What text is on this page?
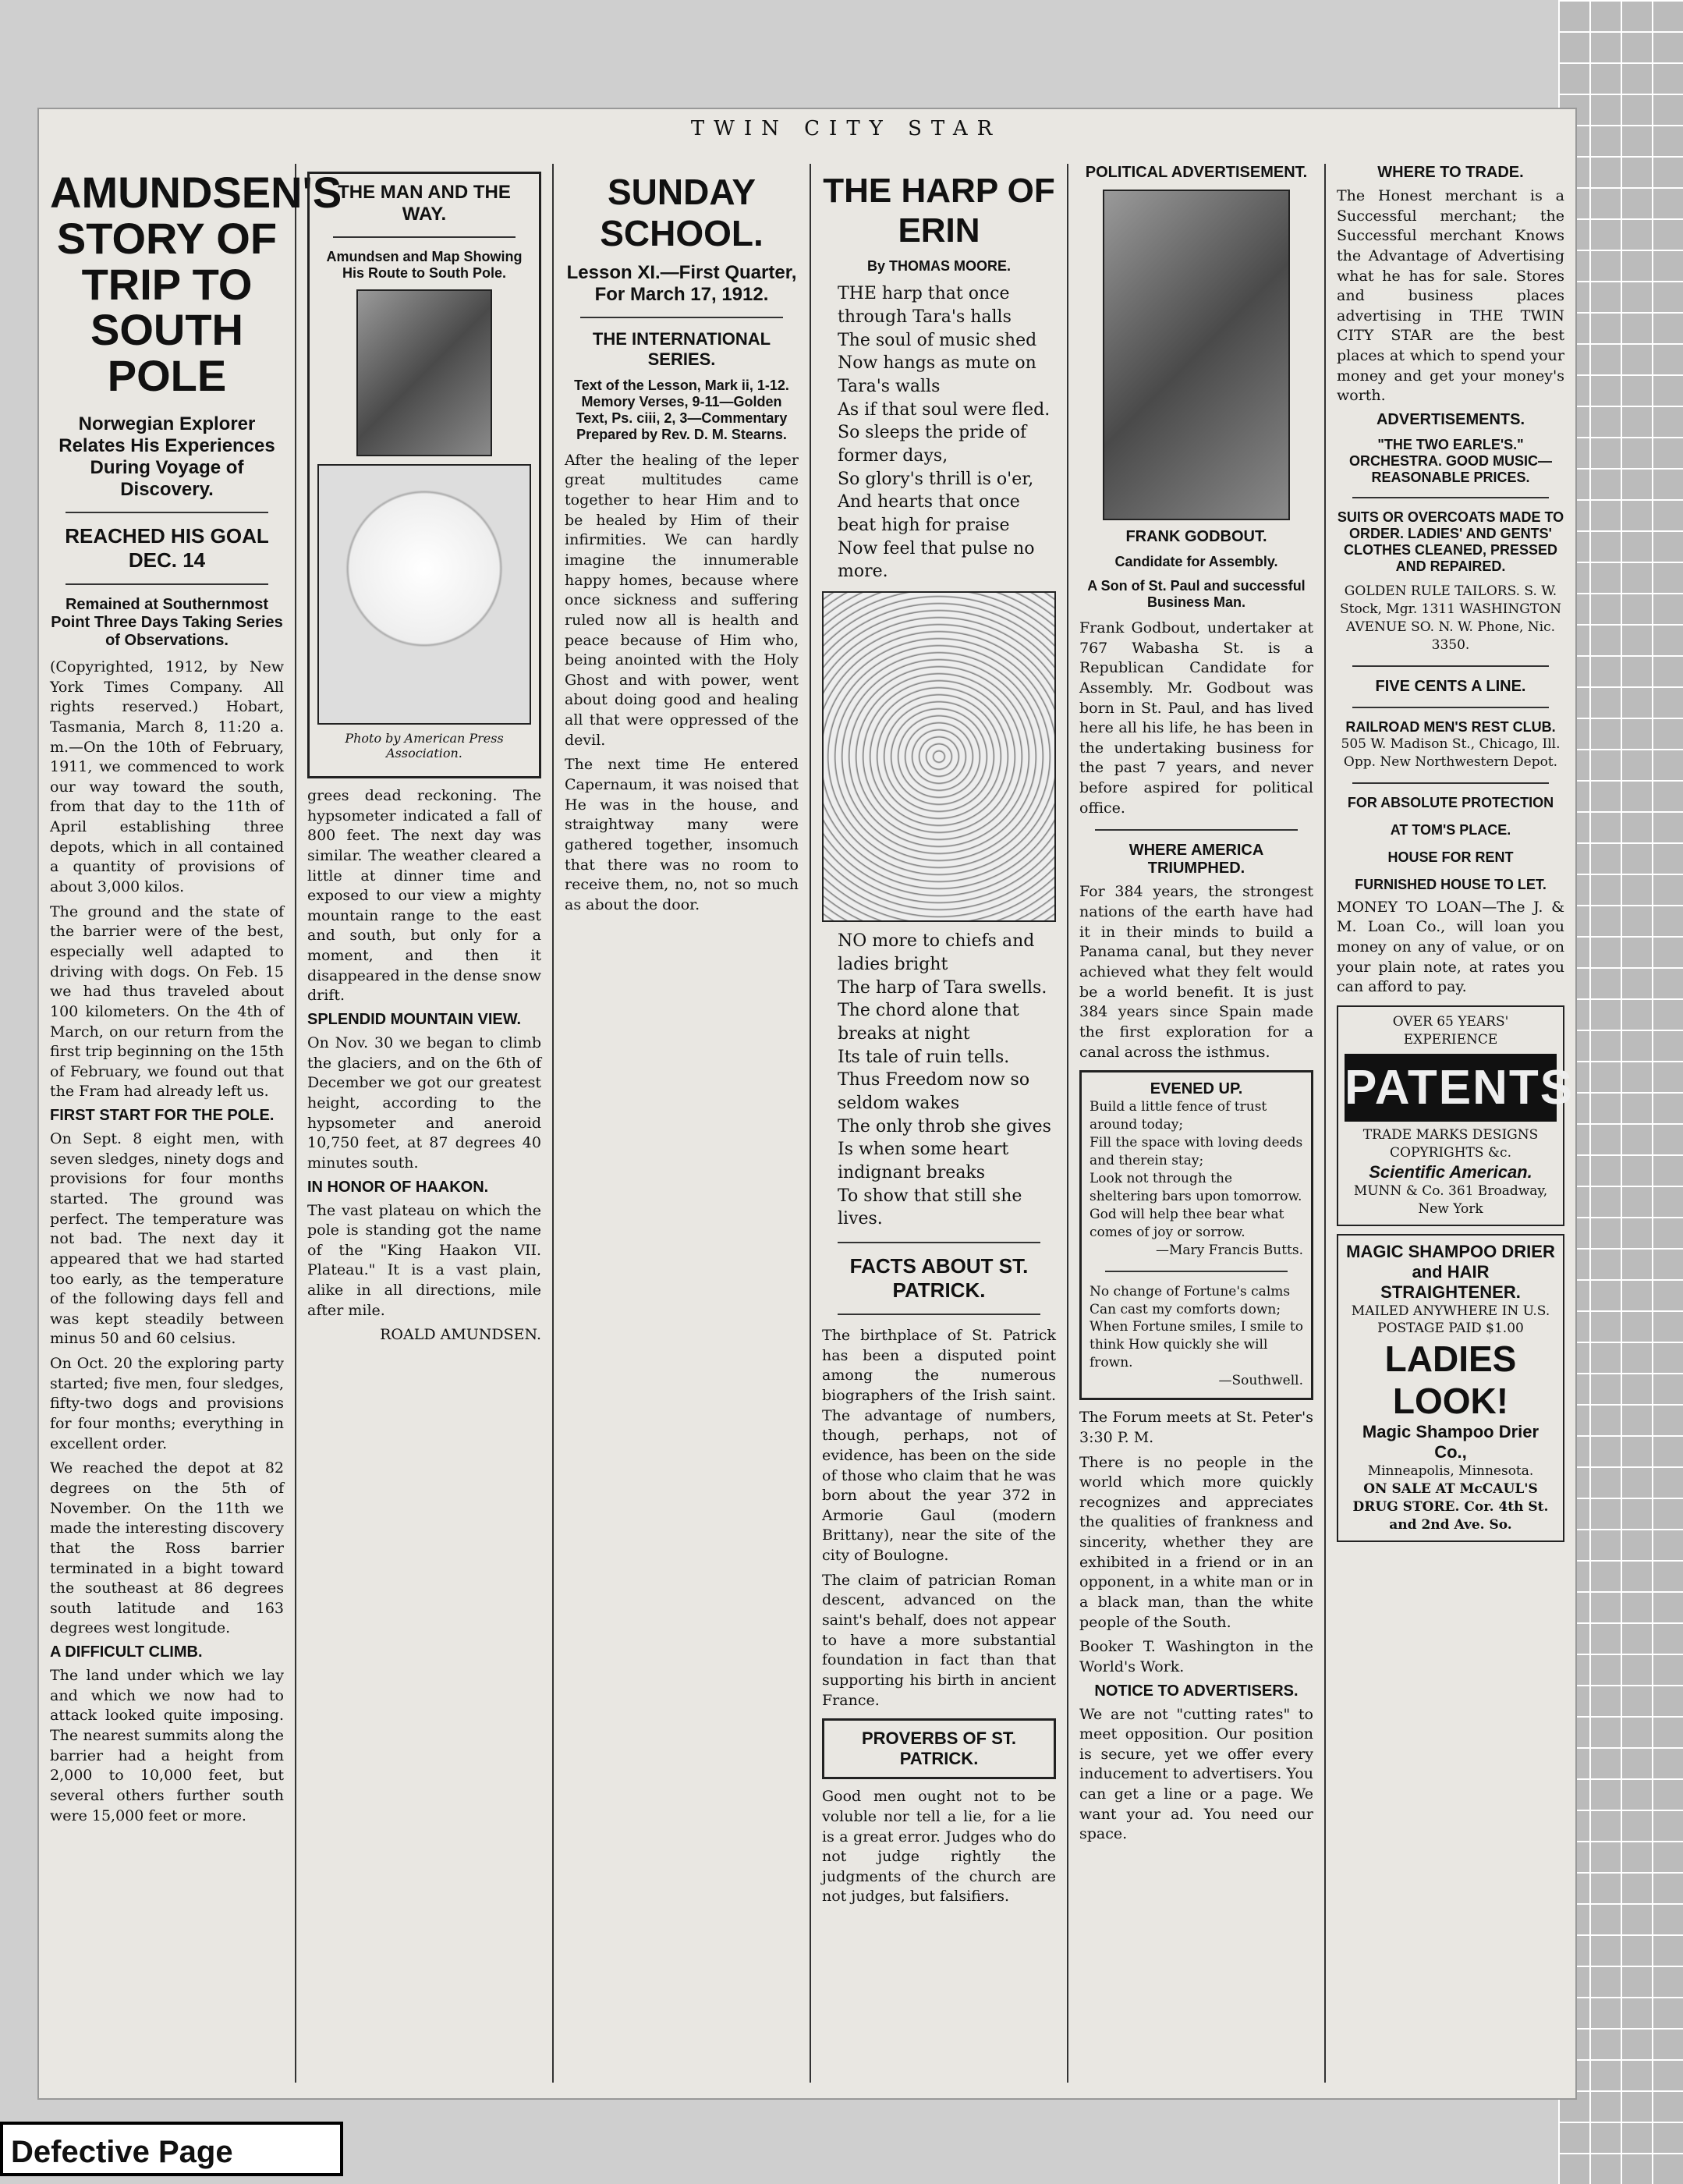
TWIN CITY STAR
AMUNDSEN'S STORY OF TRIP TO SOUTH POLE
Norwegian Explorer Relates His Experiences During Voyage of Discovery.
REACHED HIS GOAL DEC. 14
Remained at Southernmost Point Three Days Taking Series of Observations.

(Copyrighted, 1912, by New York Times Company. All rights reserved.) Hobart, Tasmania, March 8, 11:20 a. m.—On the 10th of February, 1911, we commenced to work our way toward the south, from that day to the 11th of April establishing three depots, which in all contained a quantity of provisions of about 3,000 kilos.

The ground and the state of the barrier were of the best, especially well adapted to driving with dogs. On Feb. 15 we had thus traveled about 100 kilometers. On the 4th of March, on our return from the first trip beginning on the 15th of February, we found out that the Fram had already left us.

FIRST START FOR THE POLE.

On Sept. 8 eight men, with seven sledges, ninety dogs and provisions for four months started. The ground was perfect. The temperature was not bad. The next day it appeared that we had started too early, as the temperature of the following days fell and was kept steadily between minus 50 and 60 celsius.

On Oct. 20 the exploring party started; five men, four sledges, fifty-two dogs and provisions for four months; everything in excellent order.

We reached the depot at 82 degrees on the 5th of November. On the 11th we made the interesting discovery that the Ross barrier terminated in a bight toward the southeast at 86 degrees south latitude and 163 degrees west longitude.

A DIFFICULT CLIMB.

The land under which we lay and which we now had to attack looked quite imposing. The nearest summits along the barrier had a height from 2,000 to 10,000 feet, but several others further south were 15,000 feet or more.

THE MAN AND THE WAY.
Amundsen and Map Showing His Route to South Pole.
Photo by American Press Association.

grees dead reckoning. The hypsometer indicated a fall of 800 feet. The next day was similar. The weather cleared a little at dinner time and exposed to our view a mighty mountain range to the east and south, but only for a moment, and then it disappeared in the dense snow drift.

SPLENDID MOUNTAIN VIEW.

On Nov. 30 we began to climb the glaciers, and on the 6th of December we got our greatest height, according to the hypsometer and aneroid 10,750 feet, at 87 degrees 40 minutes south.

IN HONOR OF HAAKON.

The vast plateau on which the pole is standing got the name of the "King Haakon VII. Plateau." It is a vast plain, alike in all directions, mile after mile.

ROALD AMUNDSEN.

SUNDAY SCHOOL.
Lesson XI.—First Quarter, For March 17, 1912.
THE INTERNATIONAL SERIES.
Text of the Lesson, Mark ii, 1-12. Memory Verses, 9-11—Golden Text, Ps. ciii, 2, 3—Commentary Prepared by Rev. D. M. Stearns.

After the healing of the leper great multitudes came together to hear Him and to be healed by Him of their infirmities. We can hardly imagine the innumerable happy homes, because where once sickness and suffering ruled now all is health and peace because of Him who, being anointed with the Holy Ghost and with power, went about doing good and healing all that were oppressed of the devil.

The next time He entered Capernaum, it was noised that He was in the house, and straightway many were gathered together, insomuch that there was no room to receive them, no, not so much as about the door.

THE HARP OF ERIN
By THOMAS MOORE.
THE harp that once through Tara's halls
The soul of music shed
Now hangs as mute on Tara's walls
As if that soul were fled.
So sleeps the pride of former days,
So glory's thrill is o'er,
And hearts that once beat high for praise
Now feel that pulse no more.
NO more to chiefs and ladies bright
The harp of Tara swells.
The chord alone that breaks at night
Its tale of ruin tells.
Thus Freedom now so seldom wakes
The only throb she gives
Is when some heart indignant breaks
To show that still she lives.
FACTS ABOUT ST. PATRICK.

The birthplace of St. Patrick has been a disputed point among the numerous biographers of the Irish saint. The advantage of numbers, though, perhaps, not of evidence, has been on the side of those who claim that he was born about the year 372 in Armorie Gaul (modern Brittany), near the site of the city of Boulogne.

The claim of patrician Roman descent, advanced on the saint's behalf, does not appear to have a more substantial foundation in fact than that supporting his birth in ancient France.

PROVERBS OF ST. PATRICK.

Good men ought not to be voluble nor tell a lie, for a lie is a great error. Judges who do not judge rightly the judgments of the church are not judges, but falsifiers.

POLITICAL ADVERTISEMENT.
FRANK GODBOUT.
Candidate for Assembly.
A Son of St. Paul and successful Business Man.

Frank Godbout, undertaker at 767 Wabasha St. is a Republican Candidate for Assembly. Mr. Godbout was born in St. Paul, and has lived here all his life, he has been in the undertaking business for the past 7 years, and never before aspired for political office.

WHERE AMERICA TRIUMPHED.

For 384 years, the strongest nations of the earth have had it in their minds to build a Panama canal, but they never achieved what they felt would be a world benefit. It is just 384 years since Spain made the first exploration for a canal across the isthmus.

EVENED UP.
Build a little fence of trust around today;
Fill the space with loving deeds and therein stay;
Look not through the sheltering bars upon tomorrow.
God will help thee bear what comes of joy or sorrow.
—Mary Francis Butts.
No change of Fortune's calms Can cast my comforts down; When Fortune smiles, I smile to think How quickly she will frown.
—Southwell.

The Forum meets at St. Peter's 3:30 P. M.

There is no people in the world which more quickly recognizes and appreciates the qualities of frankness and sincerity, whether they are exhibited in a friend or in an opponent, in a white man or in a black man, than the white people of the South.

Booker T. Washington in the World's Work.

NOTICE TO ADVERTISERS.

We are not "cutting rates" to meet opposition. Our position is secure, yet we offer every inducement to advertisers. You can get a line or a page. We want your ad. You need our space.

WHERE TO TRADE.

The Honest merchant is a Successful merchant; the Successful merchant Knows the Advantage of Advertising what he has for sale. Stores and business places advertising in THE TWIN CITY STAR are the best places at which to spend your money and get your money's worth.

ADVERTISEMENTS.
"THE TWO EARLE'S." ORCHESTRA. GOOD MUSIC—REASONABLE PRICES.
SUITS OR OVERCOATS MADE TO ORDER. LADIES' AND GENTS' CLOTHES CLEANED, PRESSED AND REPAIRED.
GOLDEN RULE TAILORS. S. W. Stock, Mgr. 1311 WASHINGTON AVENUE SO. N. W. Phone, Nic. 3350.
FIVE CENTS A LINE.
RAILROAD MEN'S REST CLUB.
505 W. Madison St., Chicago, Ill. Opp. New Northwestern Depot.
FOR ABSOLUTE PROTECTION
AT TOM'S PLACE.
HOUSE FOR RENT
FURNISHED HOUSE TO LET.

MONEY TO LOAN—The J. & M. Loan Co., will loan you money on any of value, or on your plain note, at rates you can afford to pay.

OVER 65 YEARS' EXPERIENCE
PATENTS
TRADE MARKS DESIGNS COPYRIGHTS &c.
Scientific American.
MUNN & Co. 361 Broadway, New York
MAGIC SHAMPOO DRIER and HAIR STRAIGHTENER.
MAILED ANYWHERE IN U.S. POSTAGE PAID $1.00
LADIES LOOK!
Magic Shampoo Drier Co.,
Minneapolis, Minnesota.
ON SALE AT McCAUL'S DRUG STORE. Cor. 4th St. and 2nd Ave. So.
Defective Page
